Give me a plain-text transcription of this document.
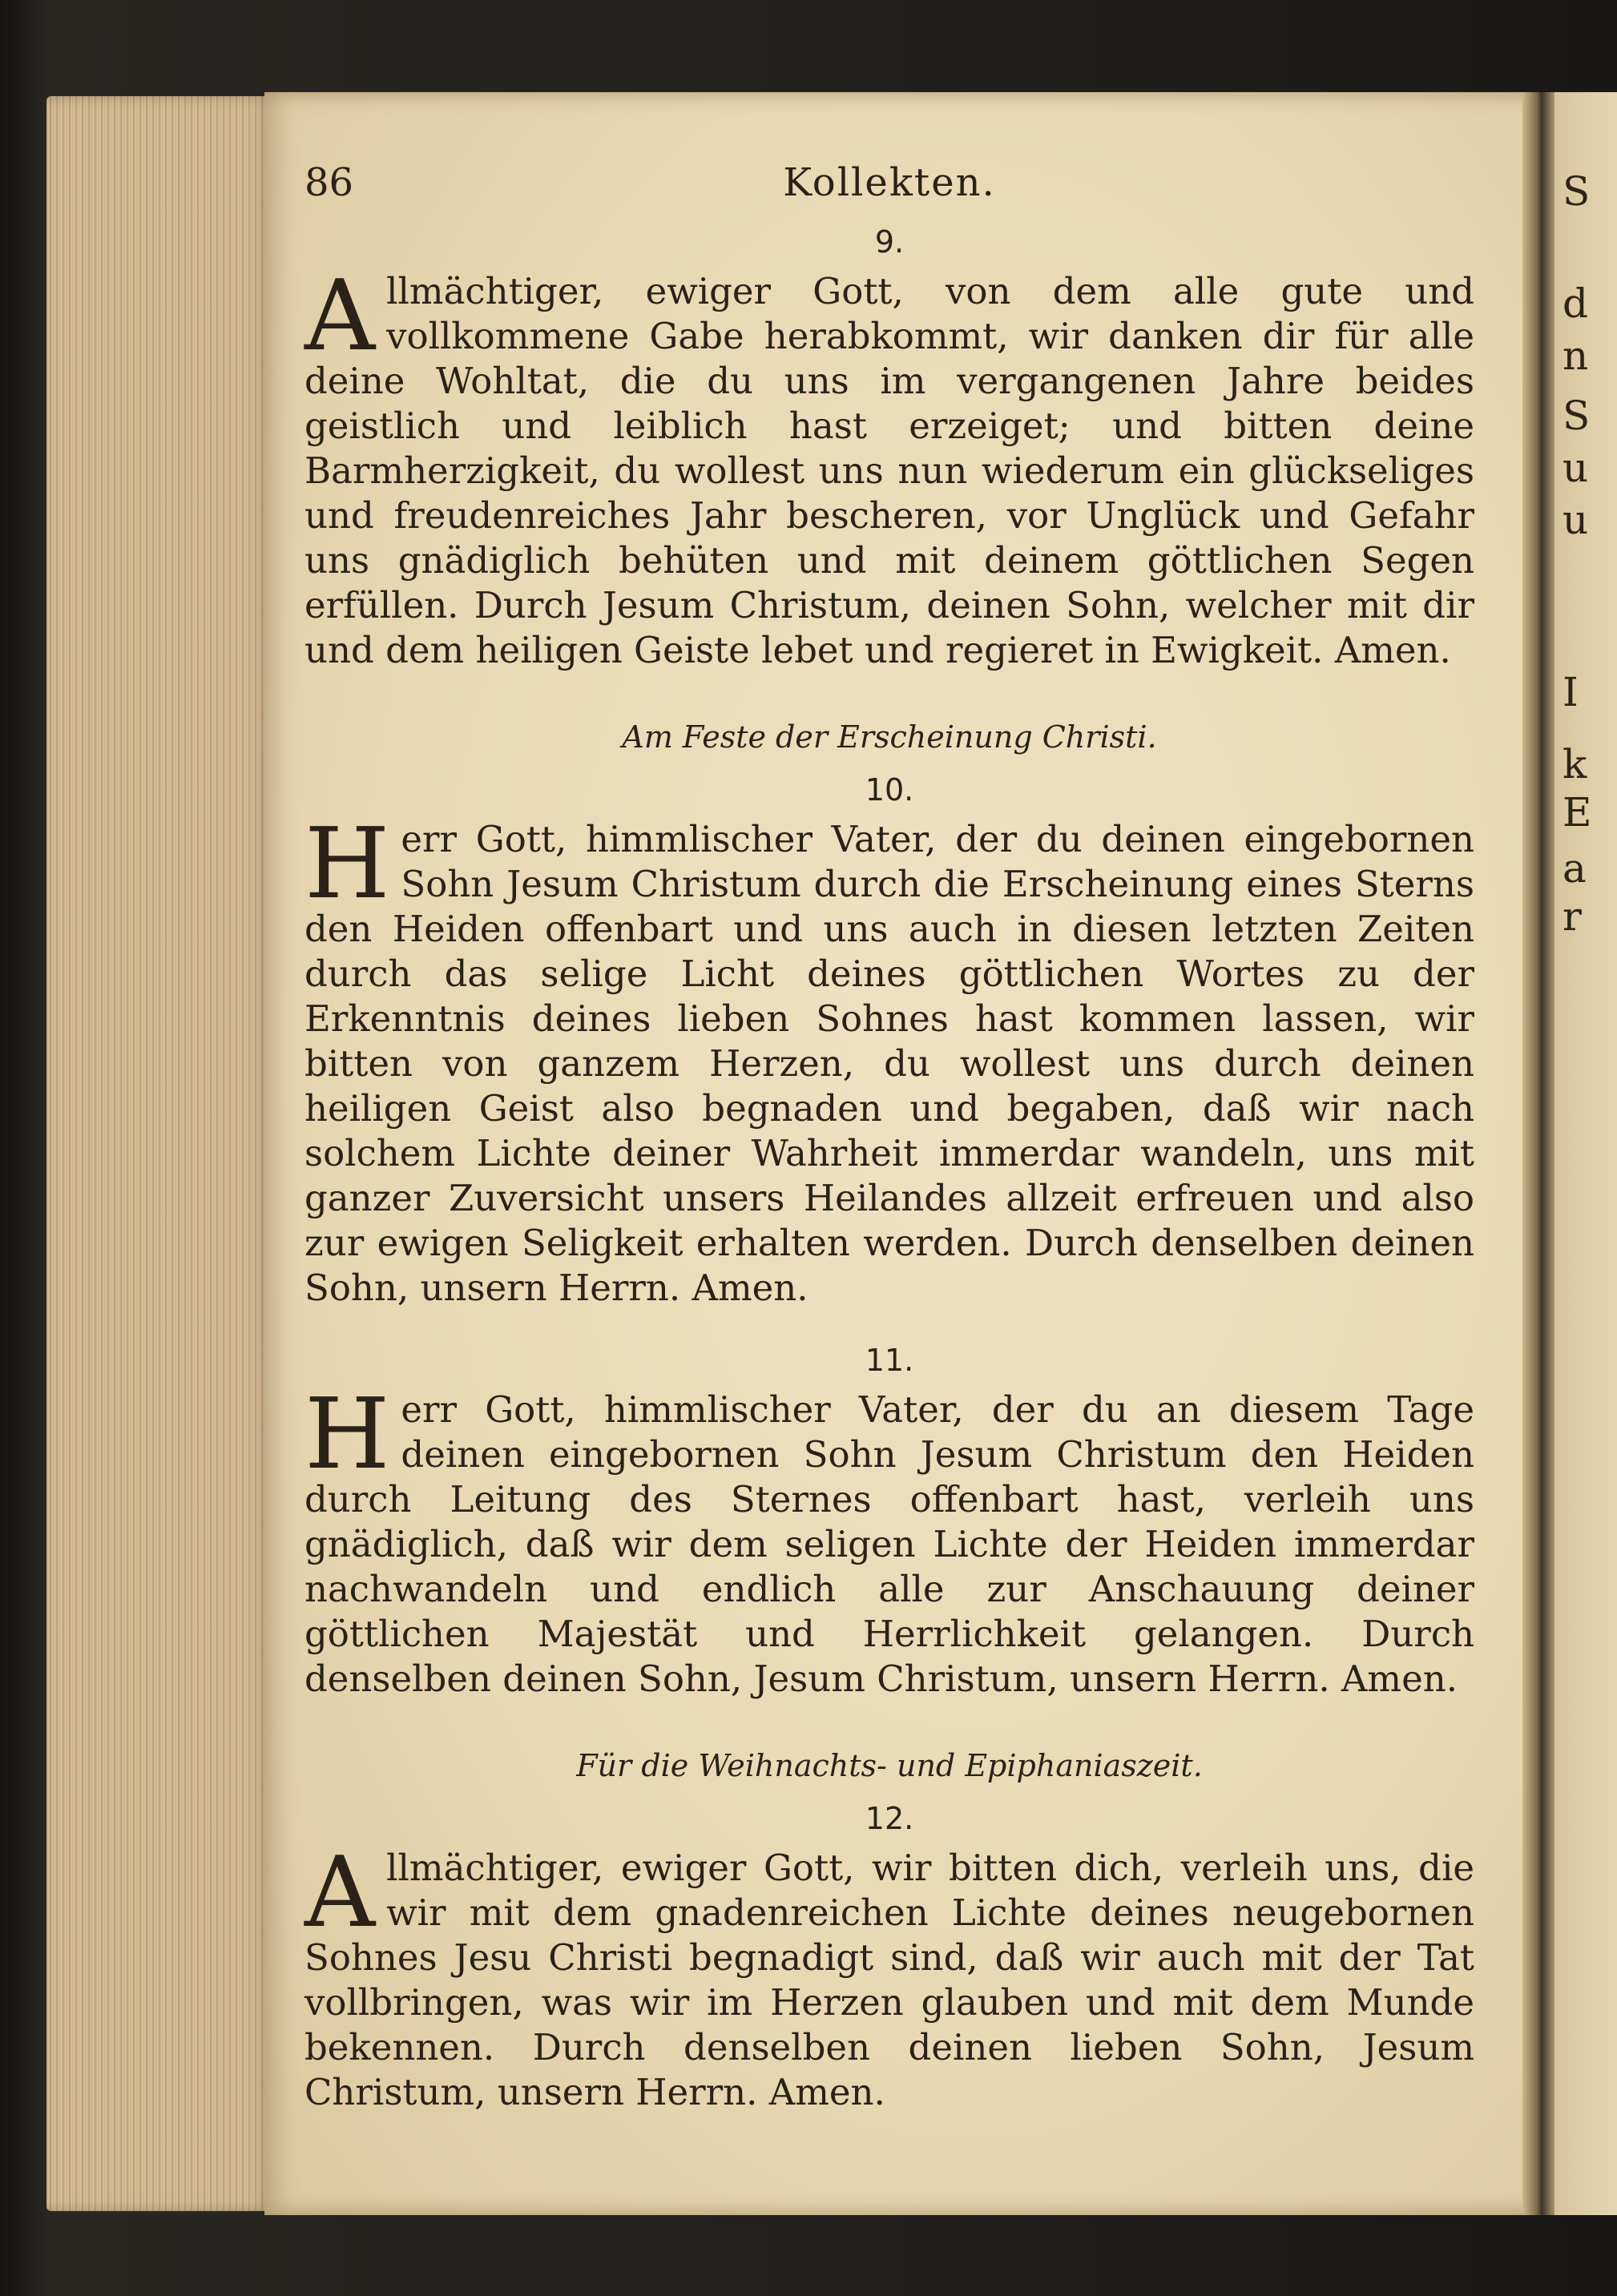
S
d
n
S
u
u
I
k
E
a
r
86	Kollekten.
9.

Allmächtiger, ewiger Gott, von dem alle gute und vollkommene Gabe herabkommt, wir danken dir für alle deine Wohltat, die du uns im vergangenen Jahre beides geistlich und leiblich hast erzeiget; und bitten deine Barmherzigkeit, du wollest uns nun wiederum ein glückseliges und freudenreiches Jahr bescheren, vor Unglück und Gefahr uns gnädiglich behüten und mit deinem göttlichen Segen erfüllen. Durch Jesum Christum, deinen Sohn, welcher mit dir und dem heiligen Geiste lebet und regieret in Ewigkeit. Amen.

Am Feste der Erscheinung Christi.
10.

Herr Gott, himmlischer Vater, der du deinen eingebornen Sohn Jesum Christum durch die Erscheinung eines Sterns den Heiden offenbart und uns auch in diesen letzten Zeiten durch das selige Licht deines göttlichen Wortes zu der Erkenntnis deines lieben Sohnes hast kommen lassen, wir bitten von ganzem Herzen, du wollest uns durch deinen heiligen Geist also begnaden und begaben, daß wir nach solchem Lichte deiner Wahrheit immerdar wandeln, uns mit ganzer Zuversicht unsers Heilandes allzeit erfreuen und also zur ewigen Seligkeit erhalten werden. Durch denselben deinen Sohn, unsern Herrn. Amen.

11.

Herr Gott, himmlischer Vater, der du an diesem Tage deinen eingebornen Sohn Jesum Christum den Heiden durch Leitung des Sternes offenbart hast, verleih uns gnädiglich, daß wir dem seligen Lichte der Heiden immerdar nachwandeln und endlich alle zur Anschauung deiner göttlichen Majestät und Herrlichkeit gelangen. Durch denselben deinen Sohn, Jesum Christum, unsern Herrn. Amen.

Für die Weihnachts- und Epiphaniaszeit.
12.

Allmächtiger, ewiger Gott, wir bitten dich, verleih uns, die wir mit dem gnadenreichen Lichte deines neugebornen Sohnes Jesu Christi begnadigt sind, daß wir auch mit der Tat vollbringen, was wir im Herzen glauben und mit dem Munde bekennen. Durch denselben deinen lieben Sohn, Jesum Christum, unsern Herrn. Amen.
